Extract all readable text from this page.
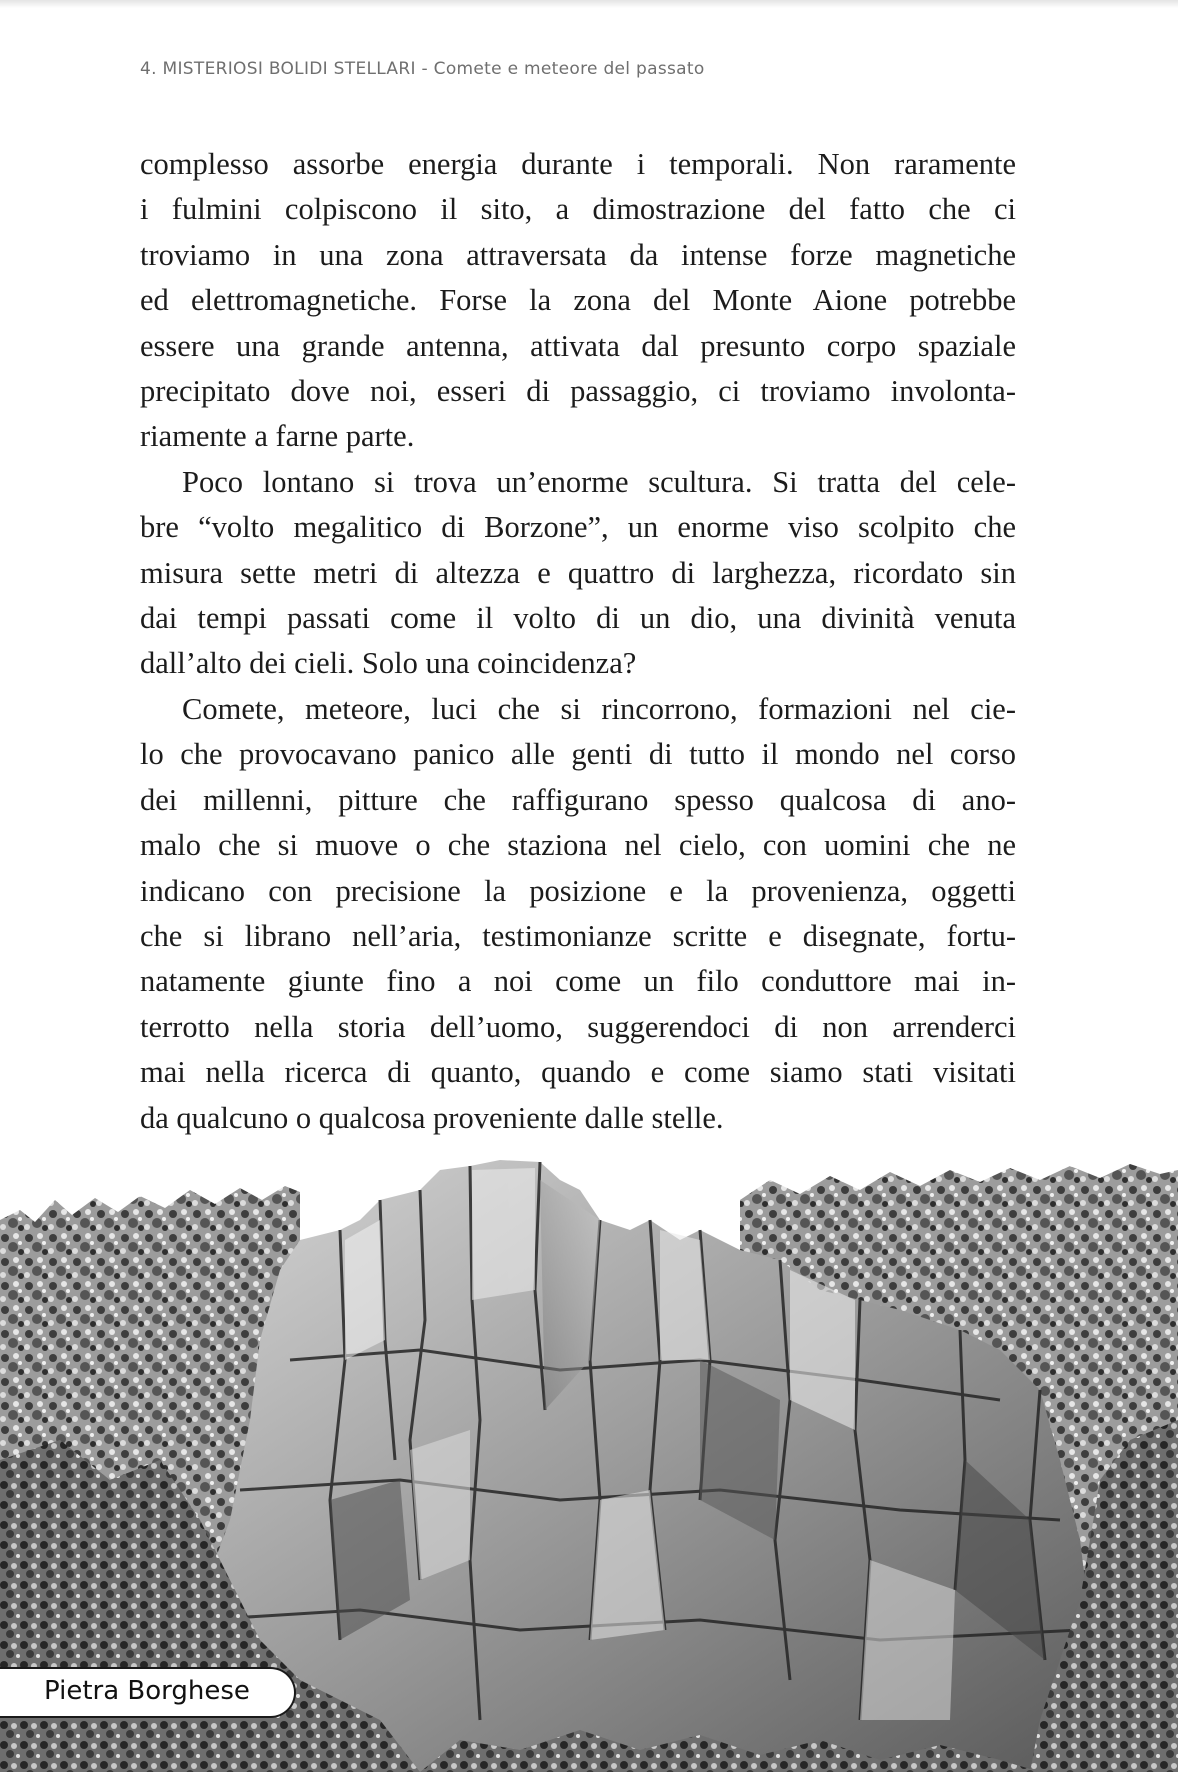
4. MISTERIOSI BOLIDI STELLARI - Comete e meteore del passato

complesso assorbe energia durante i temporali. Non raramente
i fulmini colpiscono il sito, a dimostrazione del fatto che ci
troviamo in una zona attraversata da intense forze magnetiche
ed elettromagnetiche. Forse la zona del Monte Aione potrebbe
essere una grande antenna, attivata dal presunto corpo spaziale
precipitato dove noi, esseri di passaggio, ci troviamo involonta-
riamente a farne parte.

Poco lontano si trova un’enorme scultura. Si tratta del cele-
bre “volto megalitico di Borzone”, un enorme viso scolpito che
misura sette metri di altezza e quattro di larghezza, ricordato sin
dai tempi passati come il volto di un dio, una divinità venuta
dall’alto dei cieli. Solo una coincidenza?

Comete, meteore, luci che si rincorrono, formazioni nel cie-
lo che provocavano panico alle genti di tutto il mondo nel corso
dei millenni, pitture che raffigurano spesso qualcosa di ano-
malo che si muove o che staziona nel cielo, con uomini che ne
indicano con precisione la posizione e la provenienza, oggetti
che si librano nell’aria, testimonianze scritte e disegnate, fortu-
natamente giunte fino a noi come un filo conduttore mai in-
terrotto nella storia dell’uomo, suggerendoci di non arrenderci
mai nella ricerca di quanto, quando e come siamo stati visitati
da qualcuno o qualcosa proveniente dalle stelle.

Pietra Borghese
